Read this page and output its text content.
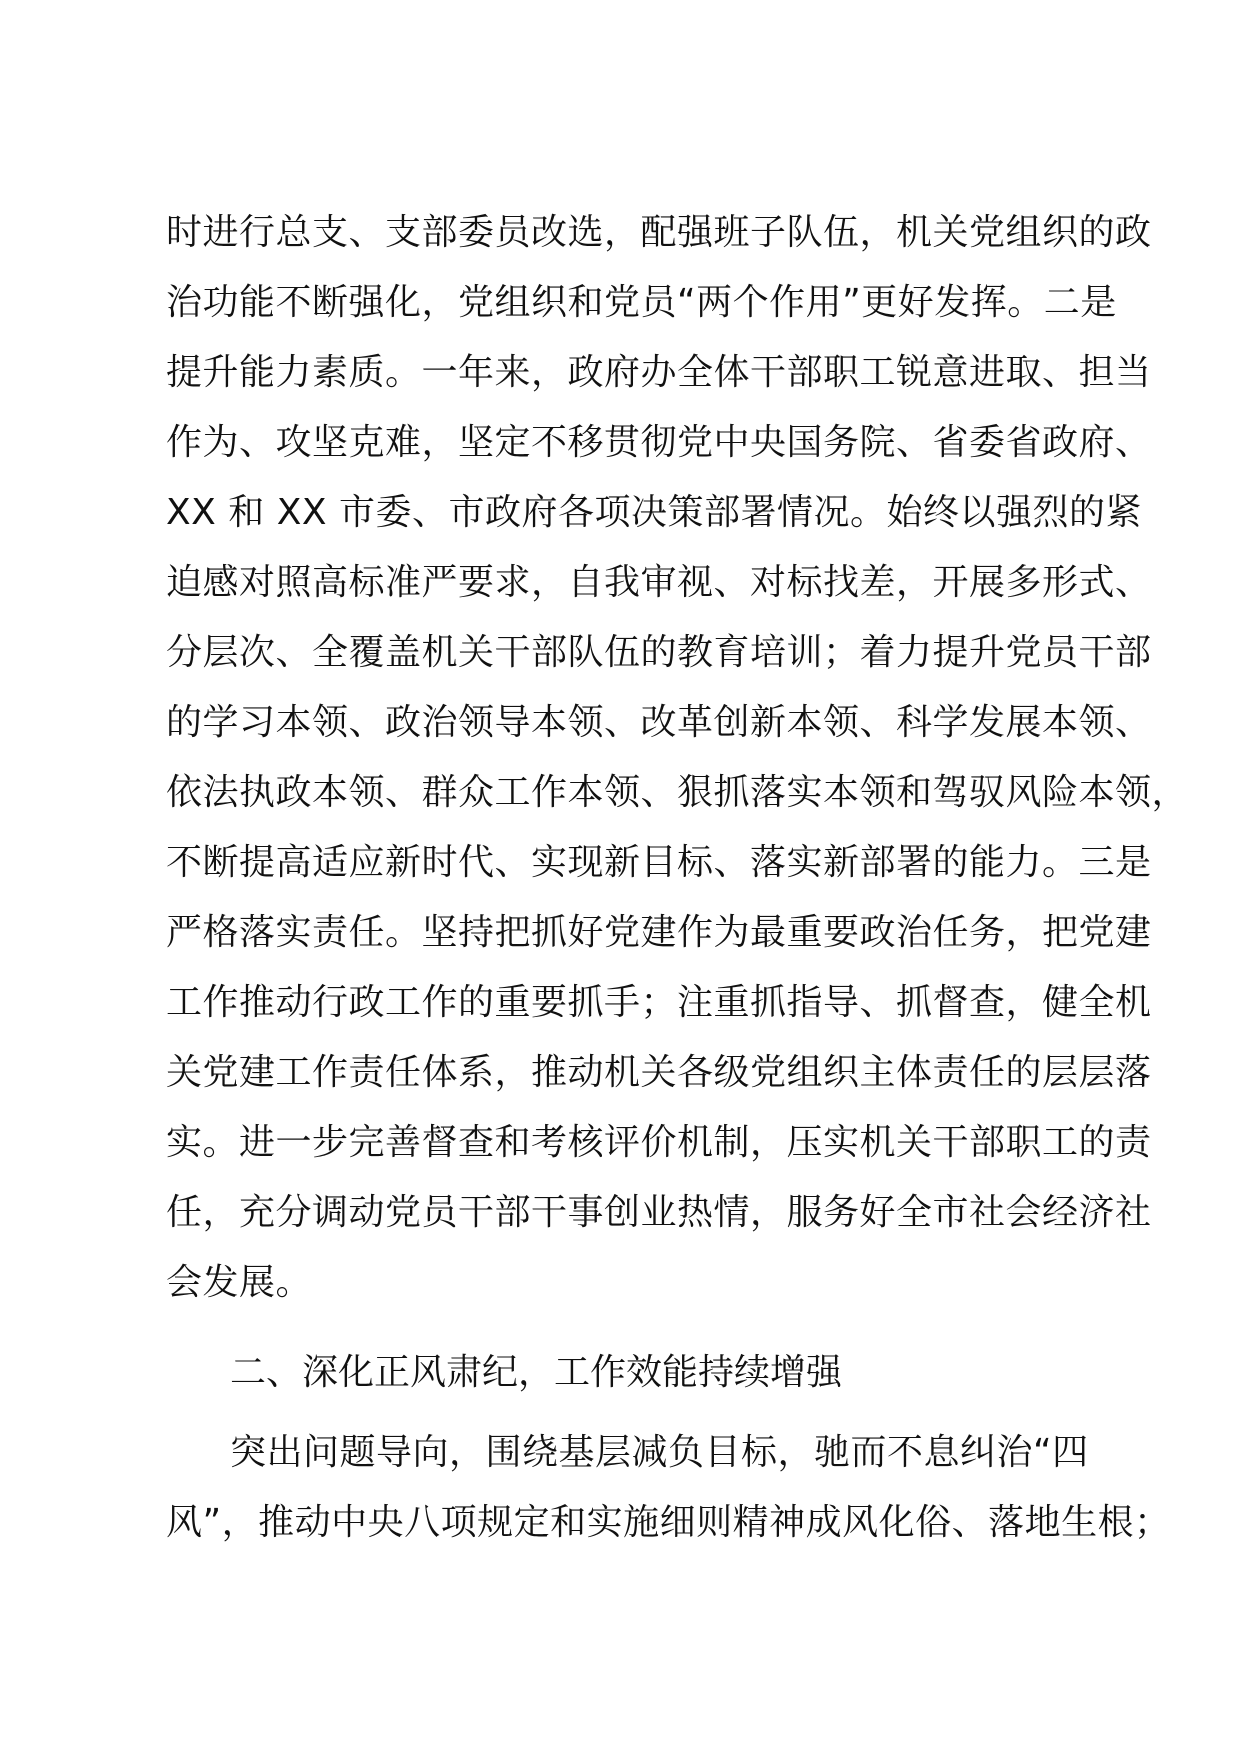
时进行总支、支部委员改选，配强班子队伍，机关党组织的政
治功能不断强化，党组织和党员“两个作用”更好发挥。二是
提升能力素质。一年来，政府办全体干部职工锐意进取、担当
作为、攻坚克难，坚定不移贯彻党中央国务院、省委省政府、
XX 和 XX 市委、市政府各项决策部署情况。始终以强烈的紧
迫感对照高标准严要求，自我审视、对标找差，开展多形式、
分层次、全覆盖机关干部队伍的教育培训；着力提升党员干部
的学习本领、政治领导本领、改革创新本领、科学发展本领、
依法执政本领、群众工作本领、狠抓落实本领和驾驭风险本领，
不断提高适应新时代、实现新目标、落实新部署的能力。三是
严格落实责任。坚持把抓好党建作为最重要政治任务，把党建
工作推动行政工作的重要抓手；注重抓指导、抓督查，健全机
关党建工作责任体系，推动机关各级党组织主体责任的层层落
实。进一步完善督查和考核评价机制，压实机关干部职工的责
任，充分调动党员干部干事创业热情，服务好全市社会经济社
会发展。
二、深化正风肃纪，工作效能持续增强
突出问题导向，围绕基层减负目标，驰而不息纠治“四
风”，推动中央八项规定和实施细则精神成风化俗、落地生根；
